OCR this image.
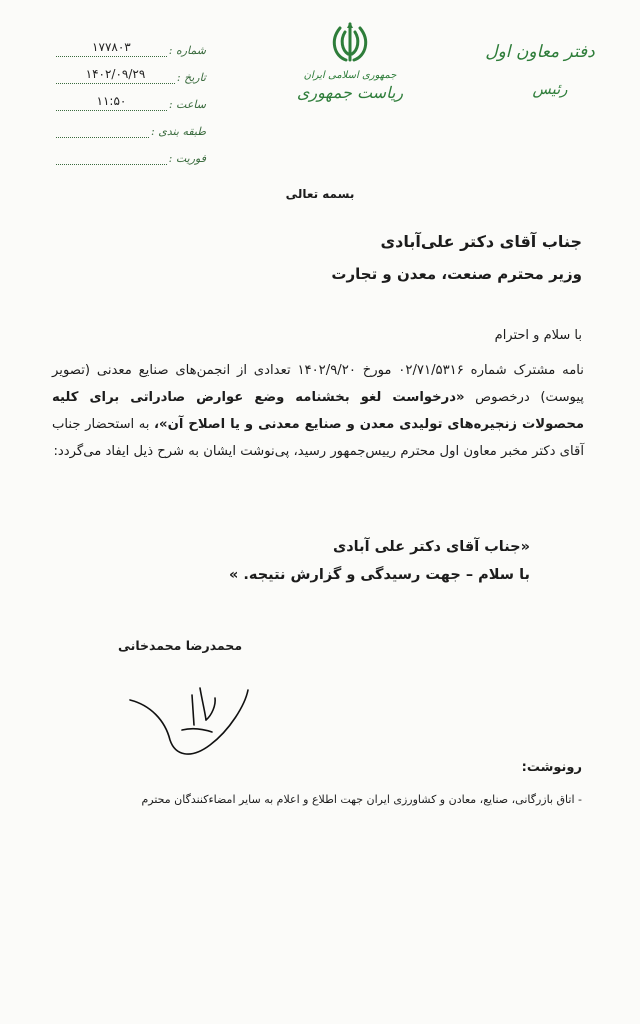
شماره :
۱۷۷۸۰۳
تاریخ :
۱۴۰۲/۰۹/۲۹
ساعت :
۱۱:۵۰
طبقه بندی :
فوریت :
جمهوری اسلامی ایران
ریاست جمهوری
دفتر معاون اول
رئیس
بسمه تعالی
جناب آقای دکتر علی‌آبادی
وزیر محترم صنعت، معدن و تجارت
با سلام و احترام
نامه مشترک شماره ۰۲/۷۱/۵۳۱۶ مورخ ۱۴۰۲/۹/۲۰ تعدادی از انجمن‌های صنایع معدنی (تصویر پیوست) درخصوص «درخواست لغو بخشنامه وضع عوارض صادراتی برای کلیه محصولات زنجیره‌های تولیدی معدن و صنایع معدنی و یا اصلاح آن»، به استحضار جناب آقای دکتر مخبر معاون اول محترم رییس‌جمهور رسید، پی‌نوشت ایشان به شرح ذیل ایفاد می‌گردد:
«جناب آقای دکتر علی آبادی
با سلام – جهت رسیدگی و گزارش نتیجه. »
محمدرضا محمدخانی
رونوشت:
- اتاق بازرگانی، صنایع، معادن و کشاورزی ایران جهت اطلاع و اعلام به سایر امضاءکنندگان محترم
